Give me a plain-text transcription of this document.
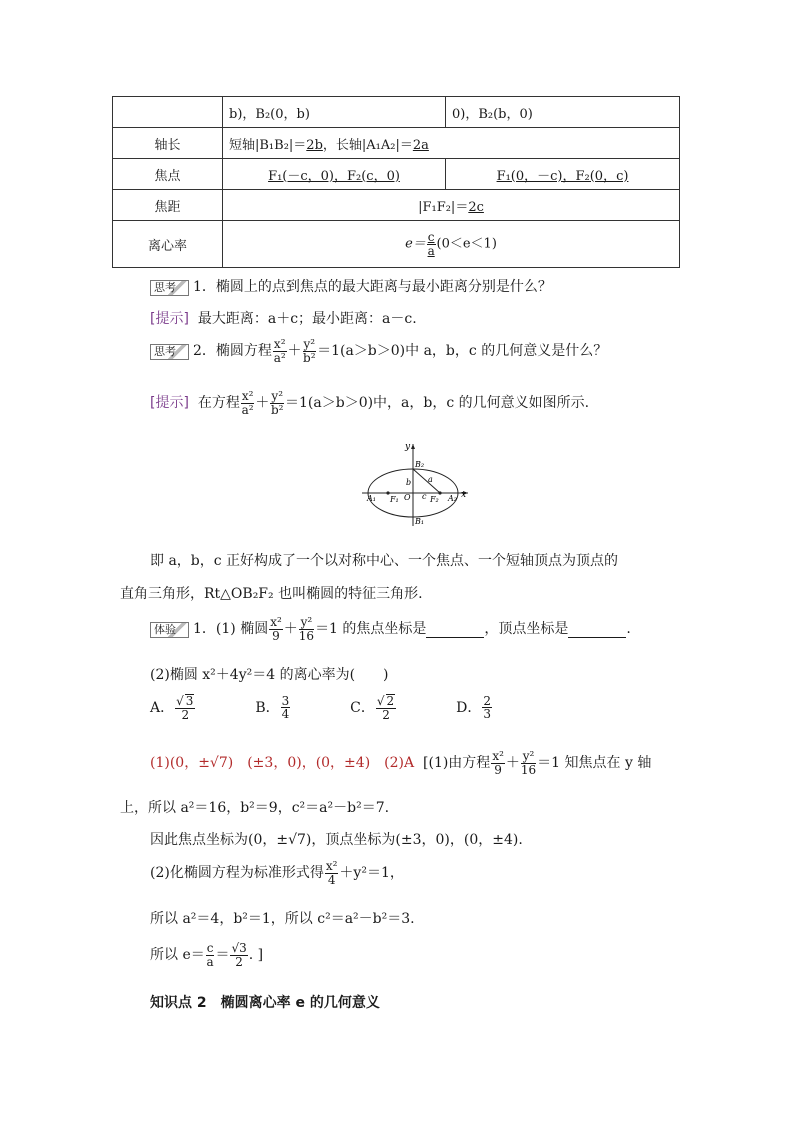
	b)，B₂(0，b)	0)，B₂(b，0)
轴长	短轴|B₁B₂|＝2b，长轴|A₁A₂|＝2a	
焦点	F₁(－c，0)，F₂(c，0)	F₁(0，－c)，F₂(0，c)
焦距	|F₁F₂|＝2c	
离心率	$e= \frac{c}{a} (0<e<1)$	
思考 1．椭圆上的点到焦点的最大距离与最小距离分别是什么？
[提示] 最大距离：a＋c；最小距离：a－c.
思考 2．椭圆方程 $\frac{\text{x²}}{\text{a²}} + \frac{\text{y²}}{\text{b²}} =1(a>b>0)$中 a，b，c 的几何意义是什么？
[提示] 在方程 $\frac{\text{x²}}{\text{a²}} + \frac{\text{y²}}{\text{b²}} =1(a>b>0)$中，a，b，c 的几何意义如图所示.
y
x
B₂
B₁
A₁	A₂
F₁	F₂
O
a
b
c
即 a，b，c 正好构成了一个以对称中心、一个焦点、一个短轴顶点为顶点的
直角三角形，Rt△OB₂F₂ 也叫椭圆的特征三角形.
体验 1．(1) 椭圆 $\frac{\text{x²}}{9} + \frac{\text{y²}}{16} =1$ 的焦点坐标是	，顶点坐标是	.
(2)椭圆 x²＋4y²＝4 的离心率为(　　)
A． $\frac{√ 3}{2}$	B． $\frac{3}{4}$	C． $\frac{√ 2}{2}$	D． $\frac{2}{3}$
(1)(0，±√7)　(±3，0)，(0，±4)　(2)A [(1)由方程 $\frac{\text{x²}}{9} + \frac{\text{y²}}{16} =1$ 知焦点在 y 轴
上，所以 a²＝16，b²＝9，c²＝a²－b²＝7.
因此焦点坐标为(0，±√7)，顶点坐标为(±3，0)，(0，±4).
(2)化椭圆方程为标准形式得 $\frac{\text{x²}}{4} +y^2=1$，
所以 a²＝4，b²＝1，所以 c²＝a²－b²＝3.
所以 $e= \frac{c}{a} = \frac{√3}{2}$ . ]
知识点 2　椭圆离心率 e 的几何意义
